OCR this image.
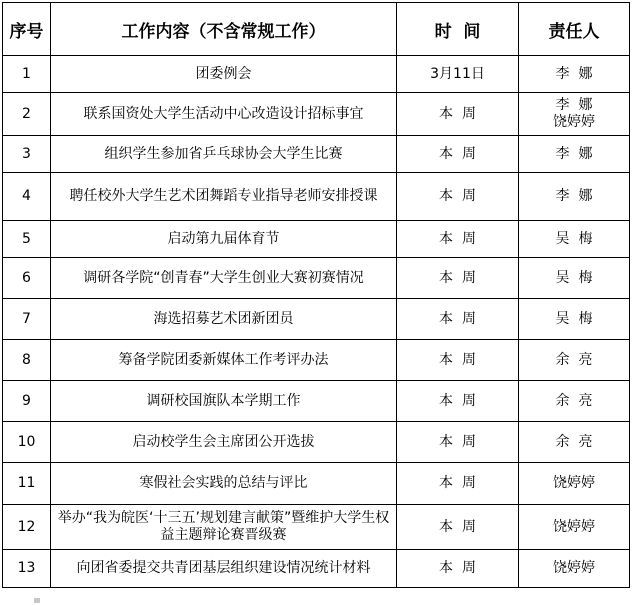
序号	工作内容（不含常规工作）	时  间	责任人
1	团委例会	3月11日	李  娜

2	联系国资处大学生活动中心改造设计招标事宜	本  周	李  娜
饶婷婷

3	组织学生参加省乒乓球协会大学生比赛	本  周	李  娜

4	聘任校外大学生艺术团舞蹈专业指导老师安排授课	本  周	李  娜

5	启动第九届体育节	本  周	吴  梅

6	调研各学院“创青春”大学生创业大赛初赛情况	本  周	吴  梅

7	海选招募艺术团新团员	本  周	吴  梅

8	筹备学院团委新媒体工作考评办法	本  周	余  亮

9	调研校国旗队本学期工作	本  周	余  亮

10	启动校学生会主席团公开选拔	本  周	余  亮

11	寒假社会实践的总结与评比	本  周	饶婷婷

12	举办“我为皖医‘十三五’规划建言献策”暨维护大学生权益主题辩论赛晋级赛	本  周	饶婷婷

13	向团省委提交共青团基层组织建设情况统计材料	本  周	饶婷婷
